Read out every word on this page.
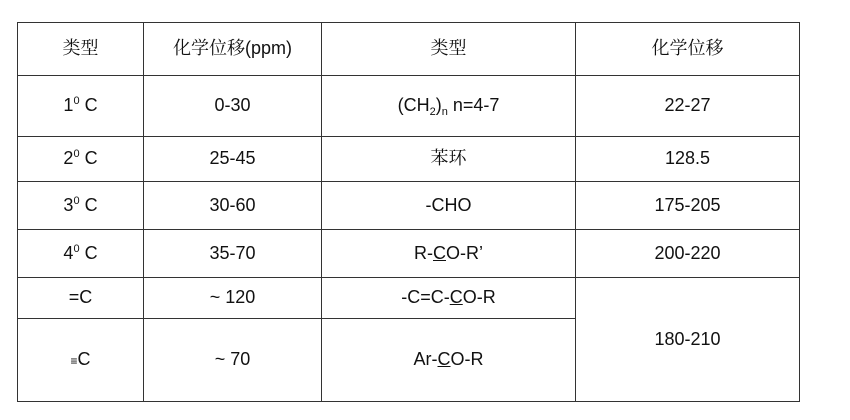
类型	化学位移(ppm)	类型	化学位移
$1^0$ C	0-30	$(CH_2)_n$ n=4-7	22-27
$2^0$ C	25-45	苯环	128.5
$3^0$ C	30-60	-CHO	175-205
$4^0$ C	35-70	R-CO-R’	200-220
=C	~ 120	-C=C-CO-R	180-210
≡C	~ 70	Ar-CO-R	
